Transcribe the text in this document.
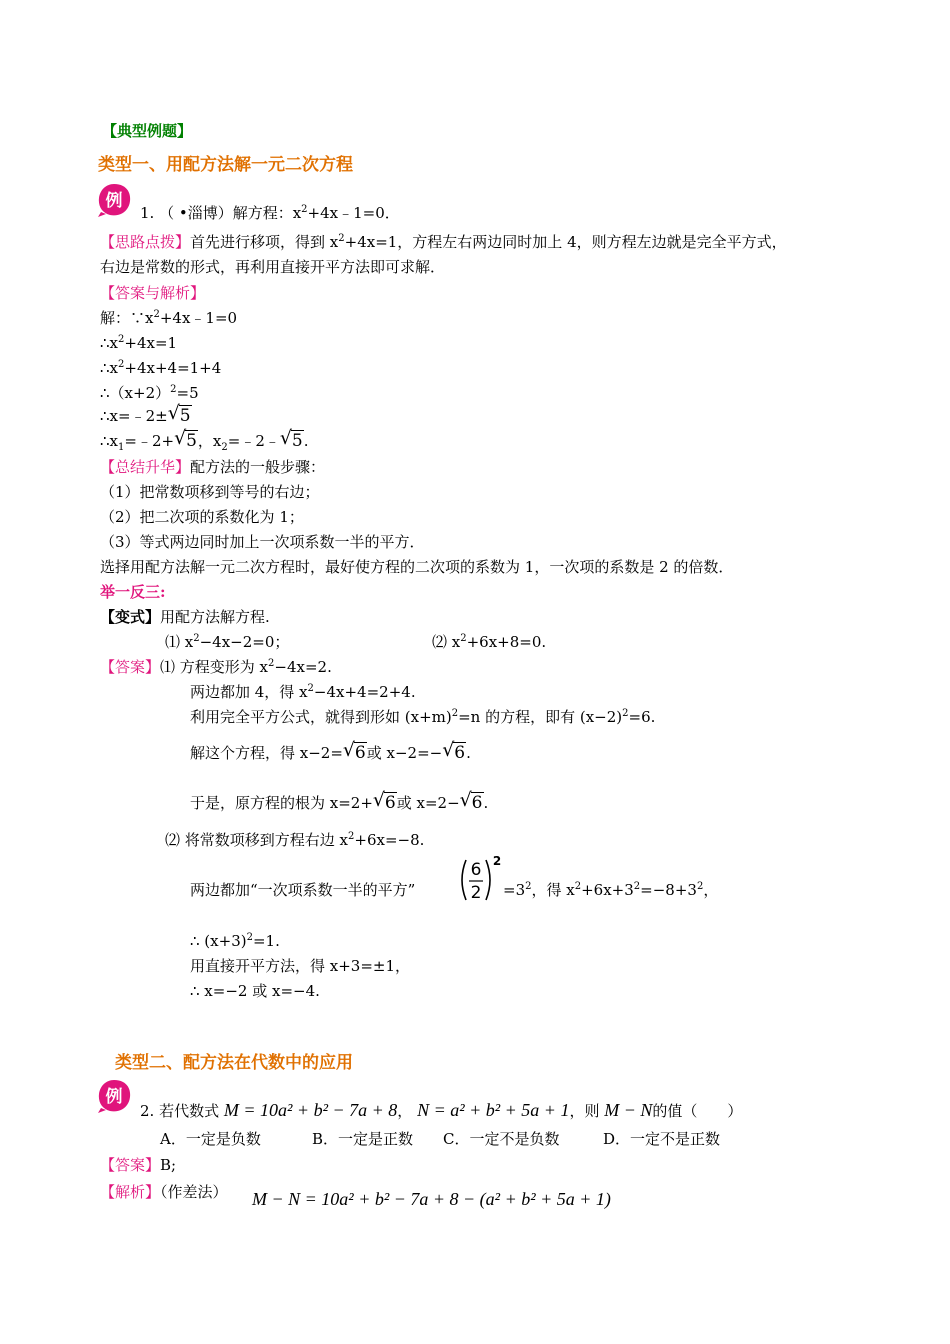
【典型例题】
类型一、用配方法解一元二次方程
例
1. （ •淄博）解方程：$x^2+4x﹣1=0$．
【思路点拨】首先进行移项，得到 $x^2+4x=1$，方程左右两边同时加上 4，则方程左边就是完全平方式，
右边是常数的形式，再利用直接开平方法即可求解．
【答案与解析】
解：$\because x^2+4x﹣1=0$
$\therefore x^2+4x=1$
$\therefore x^2+4x+4=1+4$
$\therefore(x+2)^2=5$
∴x=﹣2±√ 5
$\therefore x_1=﹣2+√$ 5，$x_2=﹣2﹣√$ 5.
【总结升华】配方法的一般步骤：
（1）把常数项移到等号的右边；
（2）把二次项的系数化为 1；
（3）等式两边同时加上一次项系数一半的平方．
选择用配方法解一元二次方程时，最好使方程的二次项的系数为 1，一次项的系数是 2 的倍数．
举一反三:
【变式】用配方法解方程.
⑴ $x^2-4x-2=0$；	⑵ $x^2+6x+8=0$.
【答案】⑴ 方程变形为 $x^2-4x=2$.
两边都加 4，得 $x^2-4x+4=2+4$.
利用完全平方公式，就得到形如 $(x+m)^2=n$ 的方程，即有 $(x-2)^2=6$.
解这个方程，得 x−2=√ 6或 x−2=−√ 6.
于是，原方程的根为 x=2+√ 6或 x=2−√ 6.
⑵ 将常数项移到方程右边 $x^2+6x=-8$.
两边都加“一次项系数一半的平方”
6
2
2
$=3^2$，得 $x^2+6x+3^2=-8+3^2$，
∴ $(x+3)^2=1$.
用直接开平方法，得 x+3=±1，
∴ x=−2 或 x=−4.
类型二、配方法在代数中的应用
例
2. 若代数式 M = 10a² + b² − 7a + 8， N = a² + b² + 5a + 1，则 M − N的值（　　）
A．一定是负数	B．一定是正数 C．一定不是负数	D．一定不是正数
【答案】B;
【解析】（作差法） M − N = 10a² + b² − 7a + 8 − (a² + b² + 5a + 1)
